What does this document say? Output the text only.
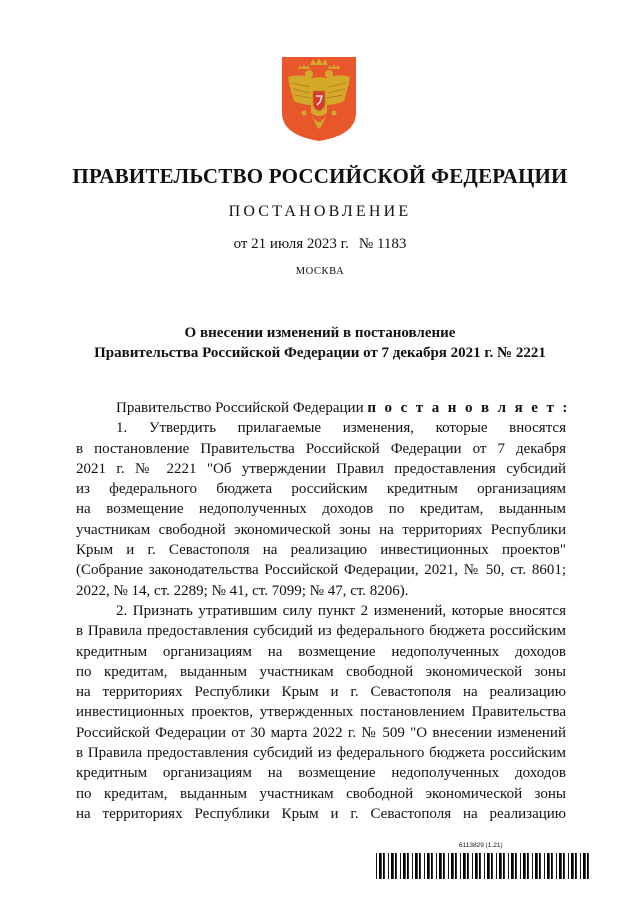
ПРАВИТЕЛЬСТВО РОССИЙСКОЙ ФЕДЕРАЦИИ
ПОСТАНОВЛЕНИЕ
от 21 июля 2023 г. № 1183
МОСКВА
О внесении изменений в постановление
Правительства Российской Федерации от 7 декабря 2021 г. № 2221
Правительство Российской Федерации п о с т а н о в л я е т :
1. Утвердить прилагаемые изменения, которые вносятся
в постановление Правительства Российской Федерации от 7 декабря
2021 г. № 2221 "Об утверждении Правил предоставления субсидий
из федерального бюджета российским кредитным организациям
на возмещение недополученных доходов по кредитам, выданным
участникам свободной экономической зоны на территориях Республики
Крым и г. Севастополя на реализацию инвестиционных проектов"
(Собрание законодательства Российской Федерации, 2021, № 50, ст. 8601;
2022, № 14, ст. 2289; № 41, ст. 7099; № 47, ст. 8206).
2. Признать утратившим силу пункт 2 изменений, которые вносятся
в Правила предоставления субсидий из федерального бюджета российским
кредитным организациям на возмещение недополученных доходов
по кредитам, выданным участникам свободной экономической зоны
на территориях Республики Крым и г. Севастополя на реализацию
инвестиционных проектов, утвержденных постановлением Правительства
Российской Федерации от 30 марта 2022 г. № 509 "О внесении изменений
в Правила предоставления субсидий из федерального бюджета российским
кредитным организациям на возмещение недополученных доходов
по кредитам, выданным участникам свободной экономической зоны
на территориях Республики Крым и г. Севастополя на реализацию
6113829 (1.21)
